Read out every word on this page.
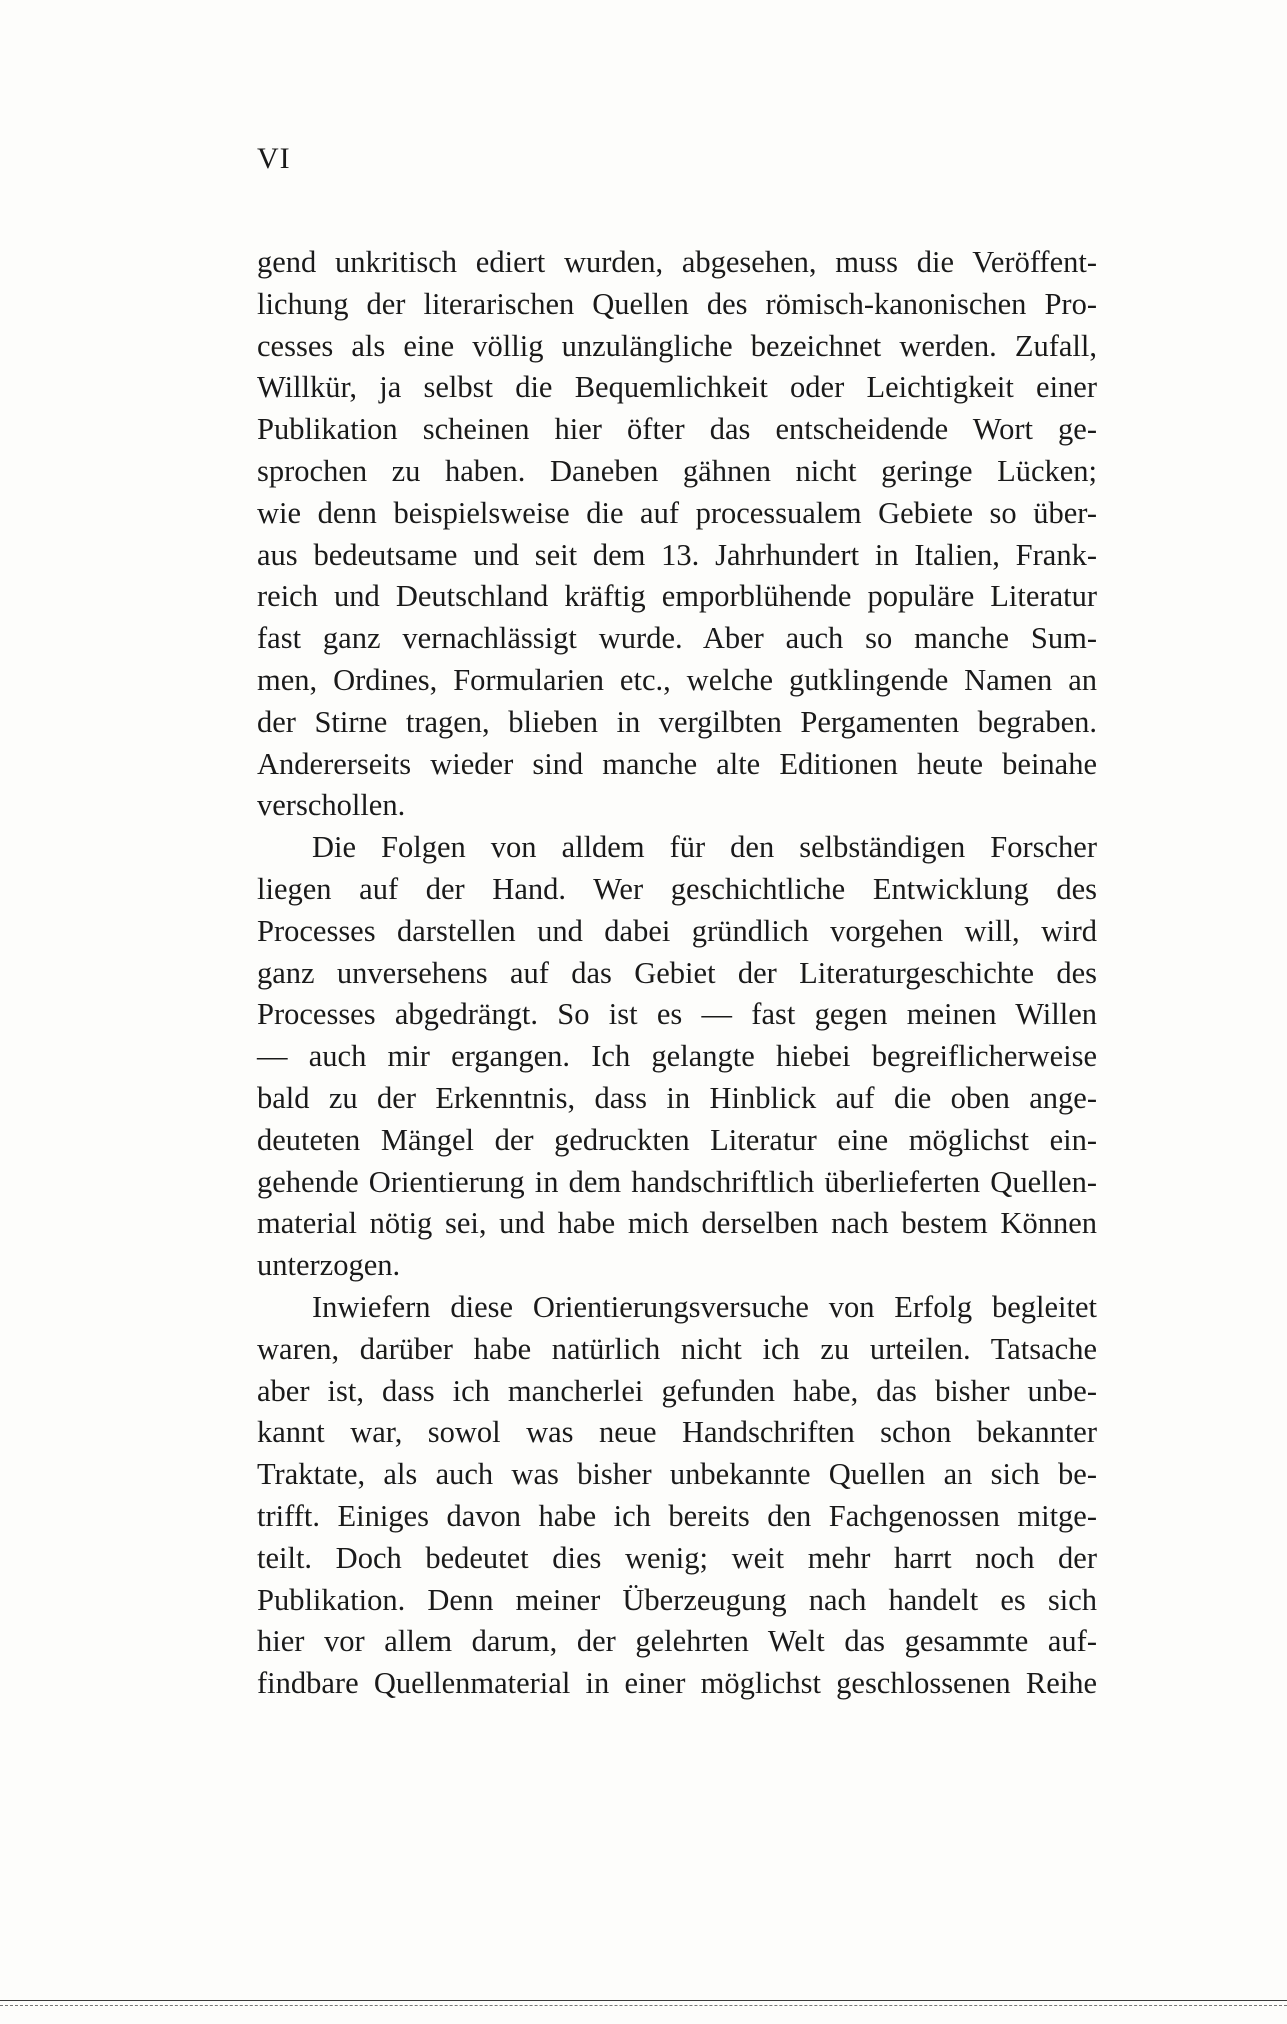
VI
gend unkritisch ediert wurden, abgesehen, muss die Veröffent-
lichung der literarischen Quellen des römisch-kanonischen Pro-
cesses als eine völlig unzulängliche bezeichnet werden. Zufall,
Willkür, ja selbst die Bequemlichkeit oder Leichtigkeit einer
Publikation scheinen hier öfter das entscheidende Wort ge-
sprochen zu haben. Daneben gähnen nicht geringe Lücken;
wie denn beispielsweise die auf processualem Gebiete so über-
aus bedeutsame und seit dem 13. Jahrhundert in Italien, Frank-
reich und Deutschland kräftig emporblühende populäre Literatur
fast ganz vernachlässigt wurde. Aber auch so manche Sum-
men, Ordines, Formularien etc., welche gutklingende Namen an
der Stirne tragen, blieben in vergilbten Pergamenten begraben.
Andererseits wieder sind manche alte Editionen heute beinahe
verschollen.
Die Folgen von alldem für den selbständigen Forscher
liegen auf der Hand. Wer geschichtliche Entwicklung des
Processes darstellen und dabei gründlich vorgehen will, wird
ganz unversehens auf das Gebiet der Literaturgeschichte des
Processes abgedrängt. So ist es — fast gegen meinen Willen
— auch mir ergangen. Ich gelangte hiebei begreiflicherweise
bald zu der Erkenntnis, dass in Hinblick auf die oben ange-
deuteten Mängel der gedruckten Literatur eine möglichst ein-
gehende Orientierung in dem handschriftlich überlieferten Quellen-
material nötig sei, und habe mich derselben nach bestem Können
unterzogen.
Inwiefern diese Orientierungsversuche von Erfolg begleitet
waren, darüber habe natürlich nicht ich zu urteilen. Tatsache
aber ist, dass ich mancherlei gefunden habe, das bisher unbe-
kannt war, sowol was neue Handschriften schon bekannter
Traktate, als auch was bisher unbekannte Quellen an sich be-
trifft. Einiges davon habe ich bereits den Fachgenossen mitge-
teilt. Doch bedeutet dies wenig; weit mehr harrt noch der
Publikation. Denn meiner Überzeugung nach handelt es sich
hier vor allem darum, der gelehrten Welt das gesammte auf-
findbare Quellenmaterial in einer möglichst geschlossenen Reihe
